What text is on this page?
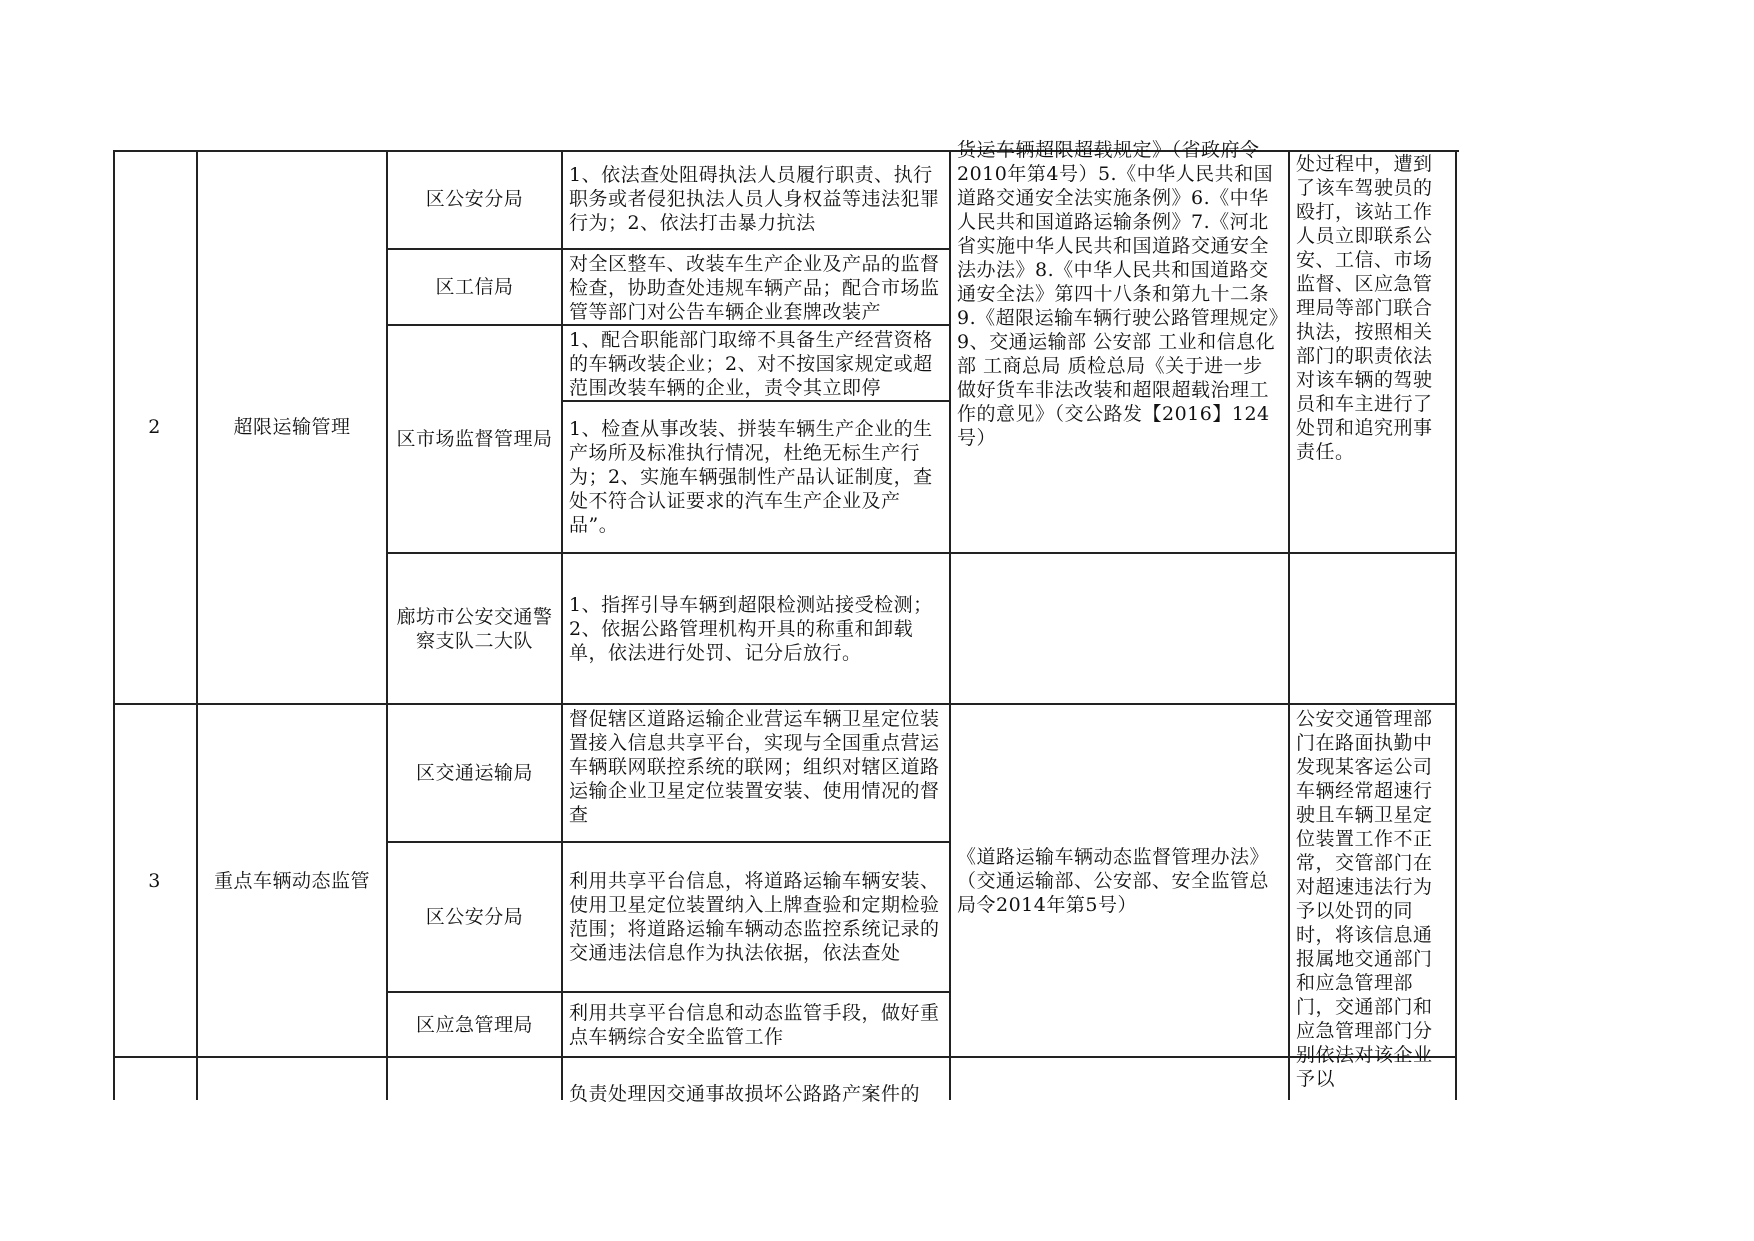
2	超限运输管理
区公安分局
1、依法查处阻碍执法人员履行职责、执行职务或者侵犯执法人员人身权益等违法犯罪行为；2、依法打击暴力抗法
区工信局
对全区整车、改装车生产企业及产品的监督检查，协助查处违规车辆产品；配合市场监管等部门对公告车辆企业套牌改装产
区市场监督管理局
1、配合职能部门取缔不具备生产经营资格的车辆改装企业；2、对不按国家规定或超范围改装车辆的企业，责令其立即停
1、检查从事改装、拼装车辆生产企业的生产场所及标准执行情况，杜绝无标生产行为；2、实施车辆强制性产品认证制度，查处不符合认证要求的汽车生产企业及产品”。
廊坊市公安交通警察支队二大队
1、指挥引导车辆到超限检测站接受检测；2、依据公路管理机构开具的称重和卸载单，依法进行处罚、记分后放行。
货运车辆超限超载规定》（省政府令2010年第4号）5.《中华人民共和国道路交通安全法实施条例》6.《中华人民共和国道路运输条例》7.《河北省实施中华人民共和国道路交通安全法办法》8.《中华人民共和国道路交通安全法》第四十八条和第九十二条9.《超限运输车辆行驶公路管理规定》9、交通运输部 公安部 工业和信息化部 工商总局 质检总局《关于进一步做好货车非法改装和超限超载治理工作的意见》（交公路发【2016】124号）
处过程中，遭到了该车驾驶员的殴打，该站工作人员立即联系公安、工信、市场监督、区应急管理局等部门联合执法，按照相关部门的职责依法对该车辆的驾驶员和车主进行了处罚和追究刑事责任。
3	重点车辆动态监管
区交通运输局
督促辖区道路运输企业营运车辆卫星定位装置接入信息共享平台，实现与全国重点营运车辆联网联控系统的联网；组织对辖区道路运输企业卫星定位装置安装、使用情况的督查
区公安分局
利用共享平台信息，将道路运输车辆安装、使用卫星定位装置纳入上牌查验和定期检验范围；将道路运输车辆动态监控系统记录的交通违法信息作为执法依据，依法查处
区应急管理局
利用共享平台信息和动态监管手段，做好重点车辆综合安全监管工作
《道路运输车辆动态监督管理办法》（交通运输部、公安部、安全监管总局令2014年第5号）
公安交通管理部门在路面执勤中发现某客运公司车辆经常超速行驶且车辆卫星定位装置工作不正常，交管部门在对超速违法行为予以处罚的同时，将该信息通报属地交通部门和应急管理部门，交通部门和应急管理部门分别依法对该企业予以
负责处理因交通事故损坏公路路产案件的
